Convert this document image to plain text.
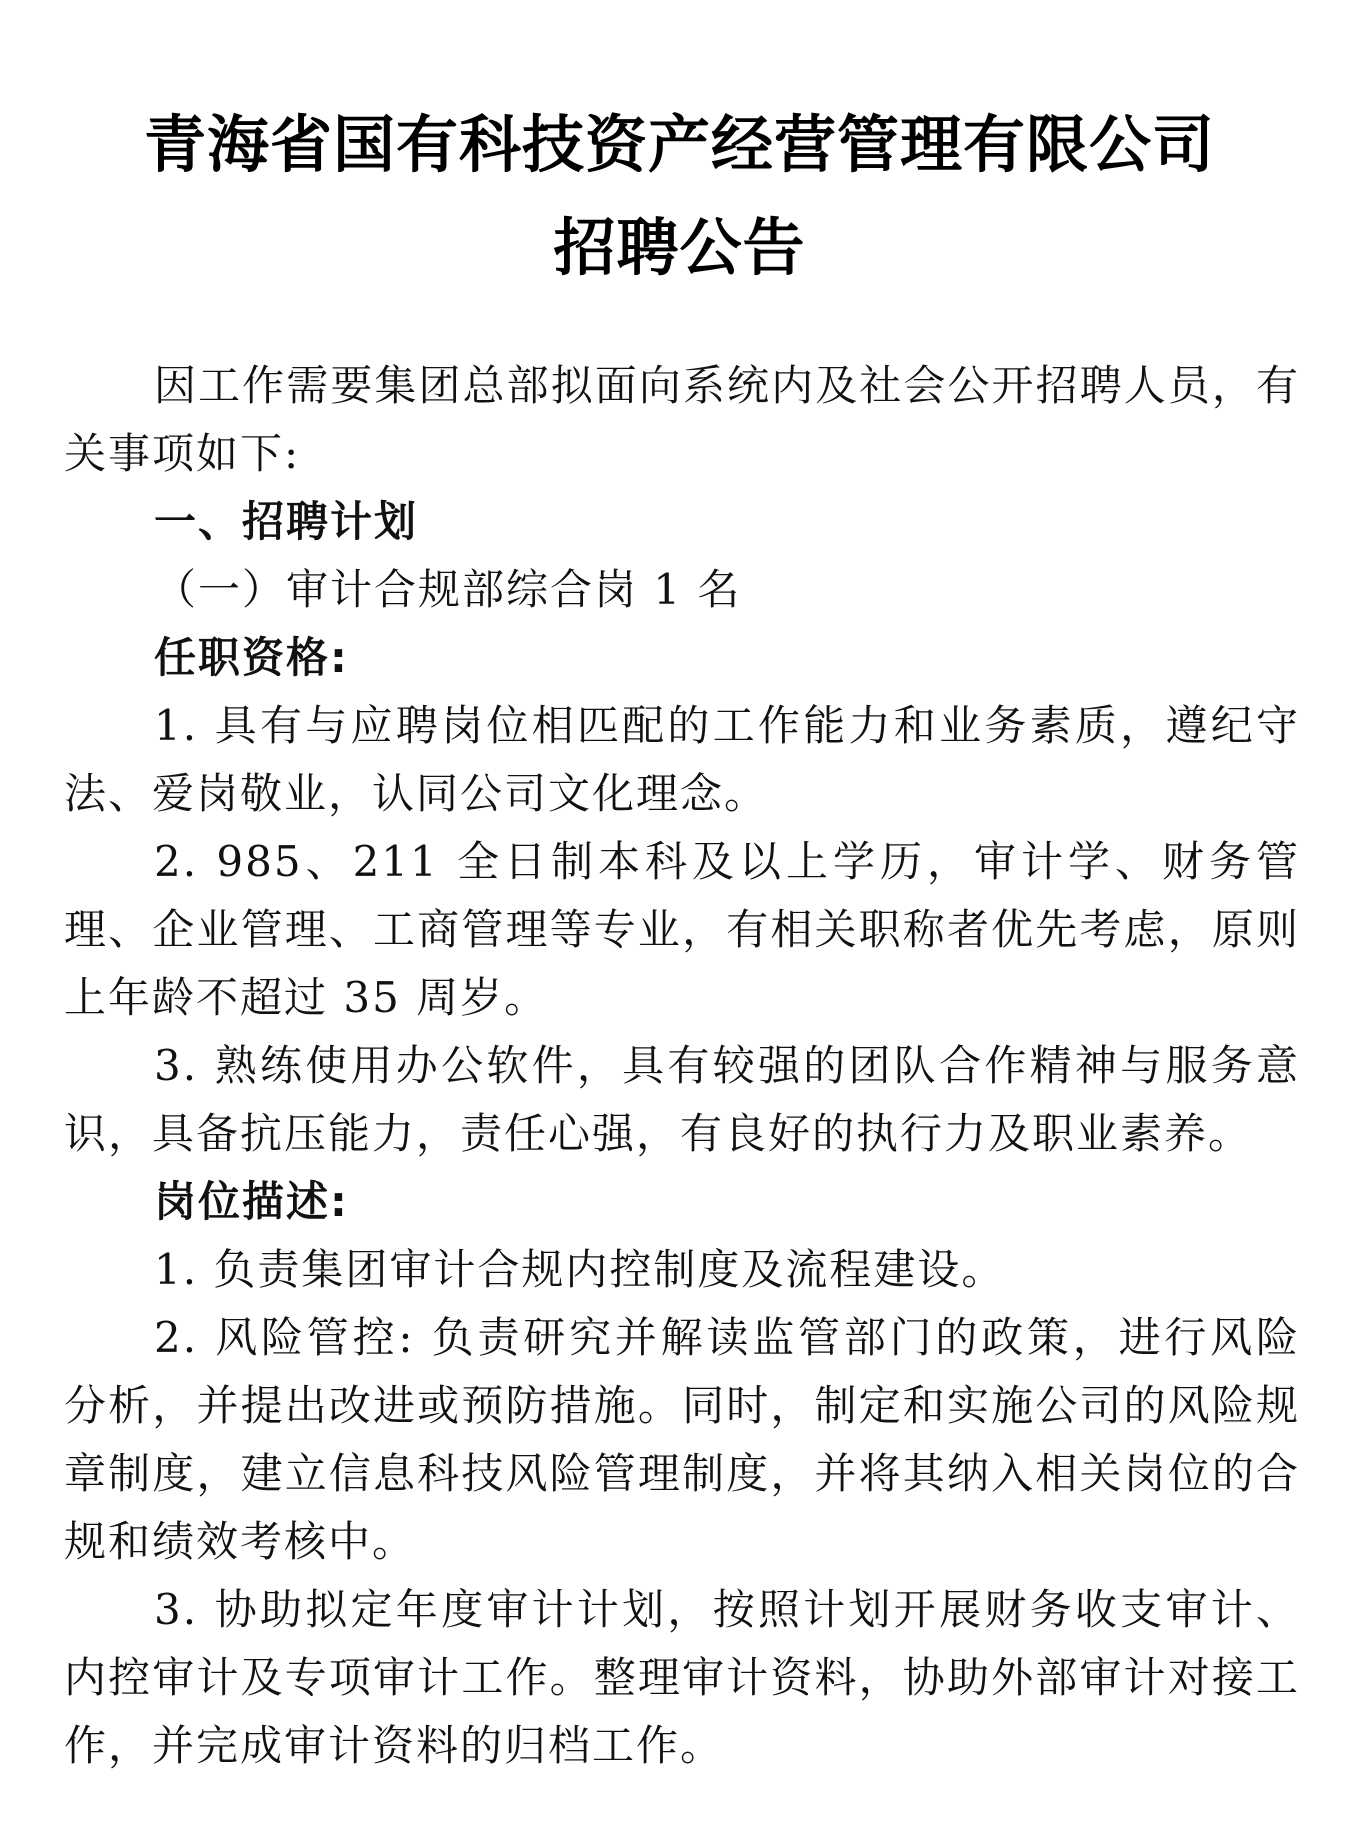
青海省国有科技资产经营管理有限公司
招聘公告

因工作需要集团总部拟面向系统内及社会公开招聘人员，有关事项如下:

一、招聘计划

（一）审计合规部综合岗 1 名

任职资格:

1. 具有与应聘岗位相匹配的工作能力和业务素质，遵纪守法、爱岗敬业，认同公司文化理念。

2. 985、211 全日制本科及以上学历，审计学、财务管理、企业管理、工商管理等专业，有相关职称者优先考虑，原则上年龄不超过 35 周岁。

3. 熟练使用办公软件，具有较强的团队合作精神与服务意识，具备抗压能力，责任心强，有良好的执行力及职业素养。

岗位描述:

1. 负责集团审计合规内控制度及流程建设。

2. 风险管控: 负责研究并解读监管部门的政策，进行风险分析，并提出改进或预防措施。同时，制定和实施公司的风险规章制度，建立信息科技风险管理制度，并将其纳入相关岗位的合规和绩效考核中。

3. 协助拟定年度审计计划，按照计划开展财务收支审计、内控审计及专项审计工作。整理审计资料，协助外部审计对接工作，并完成审计资料的归档工作。
